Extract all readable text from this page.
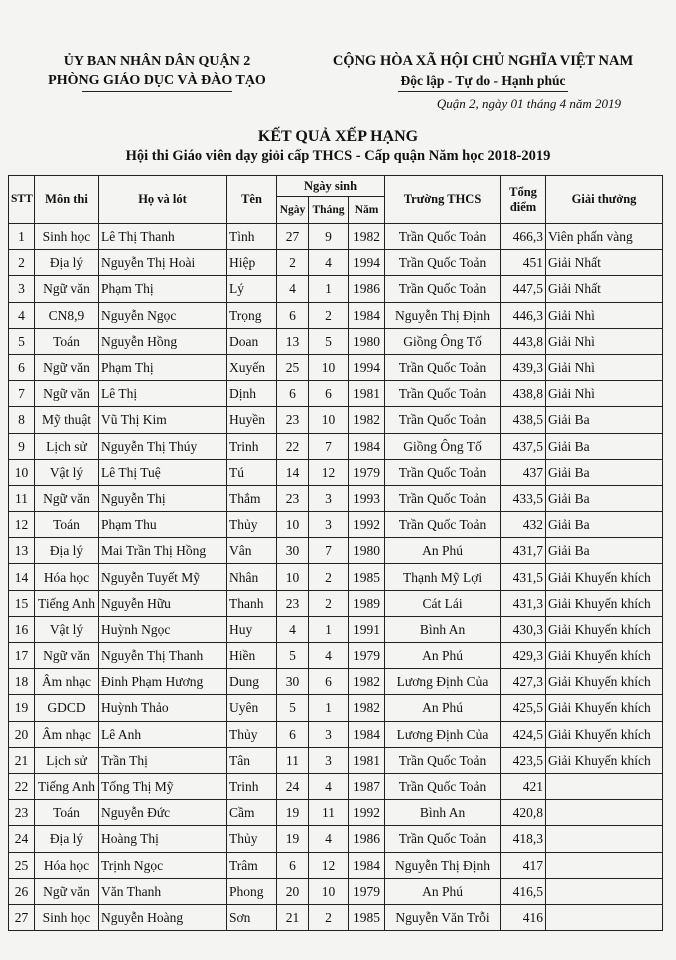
ỦY BAN NHÂN DÂN QUẬN 2
PHÒNG GIÁO DỤC VÀ ĐÀO TẠO
CỘNG HÒA XÃ HỘI CHỦ NGHĨA VIỆT NAM
Độc lập - Tự do - Hạnh phúc
Quận 2, ngày 01 tháng 4 năm 2019
KẾT QUẢ XẾP HẠNG
Hội thi Giáo viên dạy giỏi cấp THCS - Cấp quận Năm học 2018-2019
STT	Môn thi	Họ và lót	Tên	Ngày sinh			Trường THCS	Tổng điểm	Giải thưởng
				Ngày	Tháng	Năm			
1	Sinh học	Lê Thị Thanh	Tình	27	9	1982	Trần Quốc Toản	466,3	Viên phấn vàng
2	Địa lý	Nguyễn Thị Hoài	Hiệp	2	4	1994	Trần Quốc Toản	451	Giải Nhất
3	Ngữ văn	Phạm Thị	Lý	4	1	1986	Trần Quốc Toản	447,5	Giải Nhất
4	CN8,9	Nguyễn Ngọc	Trọng	6	2	1984	Nguyễn Thị Định	446,3	Giải Nhì
5	Toán	Nguyễn Hồng	Doan	13	5	1980	Giồng Ông Tố	443,8	Giải Nhì
6	Ngữ văn	Phạm Thị	Xuyến	25	10	1994	Trần Quốc Toản	439,3	Giải Nhì
7	Ngữ văn	Lê Thị	Dịnh	6	6	1981	Trần Quốc Toản	438,8	Giải Nhì
8	Mỹ thuật	Vũ Thị Kim	Huyền	23	10	1982	Trần Quốc Toản	438,5	Giải Ba
9	Lịch sử	Nguyễn Thị Thúy	Trinh	22	7	1984	Giồng Ông Tố	437,5	Giải Ba
10	Vật lý	Lê Thị Tuệ	Tú	14	12	1979	Trần Quốc Toản	437	Giải Ba
11	Ngữ văn	Nguyễn Thị	Thắm	23	3	1993	Trần Quốc Toản	433,5	Giải Ba
12	Toán	Phạm Thu	Thủy	10	3	1992	Trần Quốc Toản	432	Giải Ba
13	Địa lý	Mai Trần Thị Hồng	Vân	30	7	1980	An Phú	431,7	Giải Ba
14	Hóa học	Nguyễn Tuyết Mỹ	Nhân	10	2	1985	Thạnh Mỹ Lợi	431,5	Giải Khuyến khích
15	Tiếng Anh	Nguyễn Hữu	Thanh	23	2	1989	Cát Lái	431,3	Giải Khuyến khích
16	Vật lý	Huỳnh Ngọc	Huy	4	1	1991	Bình An	430,3	Giải Khuyến khích
17	Ngữ văn	Nguyễn Thị Thanh	Hiền	5	4	1979	An Phú	429,3	Giải Khuyến khích
18	Âm nhạc	Đinh Phạm Hương	Dung	30	6	1982	Lương Định Của	427,3	Giải Khuyến khích
19	GDCD	Huỳnh Thảo	Uyên	5	1	1982	An Phú	425,5	Giải Khuyến khích
20	Âm nhạc	Lê Anh	Thủy	6	3	1984	Lương Định Của	424,5	Giải Khuyến khích
21	Lịch sử	Trần Thị	Tân	11	3	1981	Trần Quốc Toản	423,5	Giải Khuyến khích
22	Tiếng Anh	Tống Thị Mỹ	Trinh	24	4	1987	Trần Quốc Toản	421	
23	Toán	Nguyễn Đức	Cầm	19	11	1992	Bình An	420,8	
24	Địa lý	Hoàng Thị	Thủy	19	4	1986	Trần Quốc Toản	418,3	
25	Hóa học	Trịnh Ngọc	Trâm	6	12	1984	Nguyễn Thị Định	417	
26	Ngữ văn	Văn Thanh	Phong	20	10	1979	An Phú	416,5	
27	Sinh học	Nguyễn Hoàng	Sơn	21	2	1985	Nguyễn Văn Trỗi	416	
